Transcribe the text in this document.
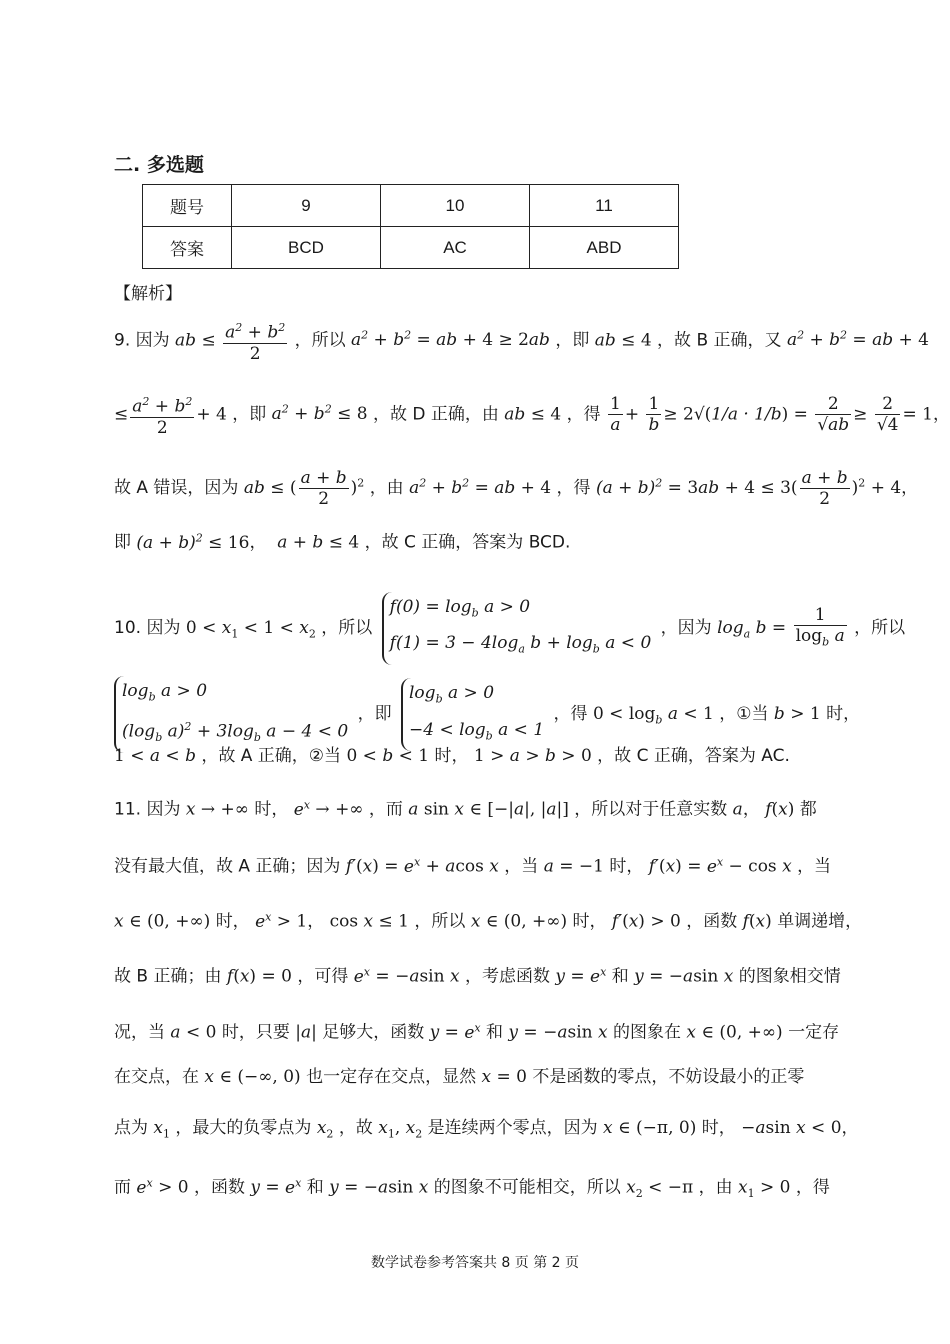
二. 多选题
题号	9	10	11
答案	BCD	AC	ABD
【解析】
9. 因为 ab ≤ $\frac{a^2 + b^2}{2}$ ，所以 $a^2 + b^2$ = ab + 4 ≥ 2ab ，即 ab ≤ 4 ，故 B 正确，又 $a^2 + b^2$ = ab + 4
≤ $\frac{a^2 + b^2}{2} + 4$ ，即 $a^2 + b^2 \le 8$ ，故 D 正确，由 ab ≤ 4 ，得 $\frac{1}{a} + \frac{1}{b} \ge 2√(1/a \cdot 1/b) = \frac{2}{√ab} \ge \frac{2}{√4} = 1$，
故 A 错误，因为 ab ≤ ( $\frac{a + b}{2} )^2$ ，由 $a^2 + b^2$ = ab + 4 ，得 $(a + b)^2 = 3ab + 4 \le 3( \frac{a + b}{2} )^2 + 4$，
即 $(a + b)^2 \le 16$，  a + b ≤ 4 ，故 C 正确，答案为 BCD.
10. 因为 $0 < x_1 < 1 < x_2$ ，所以
$f(0) = \log_b a > 0$
$f(1) = 3 - 4\log_a$ $b + \log_b a < 0$
，因为 $\log_a b = \frac{1}{\log_b a}$ ，所以
$\log_b a > 0$
($\log_b$ $a)^2 + 3\log_b$ a − 4 < 0
，即
$\log_b a > 0$
$-4 < \log_b a < 1$
，得 $0 < \log_b a < 1$ ，①当 b > 1 时，
1 < a < b ，故 A 正确，②当 0 < b < 1 时， 1 > a > b > 0 ，故 C 正确，答案为 AC.
11. 因为 x → +∞ 时， $e^x$ → +∞ ，而 a sin x ∈ [−|a|, |a|] ，所以对于任意实数 a， f(x) 都
没有最大值，故 A 正确；因为 $f'(x) = e^x + acos$ x ，当 a = −1 时， $f'(x) = e^x - \cos x$ ，当
x ∈ (0, +∞) 时， $e^x > 1$， cos x ≤ 1 ，所以 x ∈ (0, +∞) 时， f′(x) > 0 ，函数 f(x) 单调递增，
故 B 正确；由 f(x) = 0 ，可得 $e^x = -asin$ x ，考虑函数 $y = e^x$ 和 y = −asin x 的图象相交情
况，当 a < 0 时，只要 |a| 足够大，函数 $y = e^x$ 和 y = −asin x 的图象在 x ∈ (0, +∞) 一定存
在交点，在 x ∈ (−∞, 0) 也一定存在交点，显然 x = 0 不是函数的零点，不妨设最小的正零
点为 $x_1$ ，最大的负零点为 $x_2$ ，故 $x_1$, $x_2$ 是连续两个零点，因为 x ∈ (−π, 0) 时， −asin x < 0，
而 $e^x > 0$ ，函数 $y = e^x$ 和 y = −asin x 的图象不可能相交，所以 $x_2 < -\pi$ ，由 $x_1 > 0$ ，得
数学试卷参考答案共 8 页 第 2 页
